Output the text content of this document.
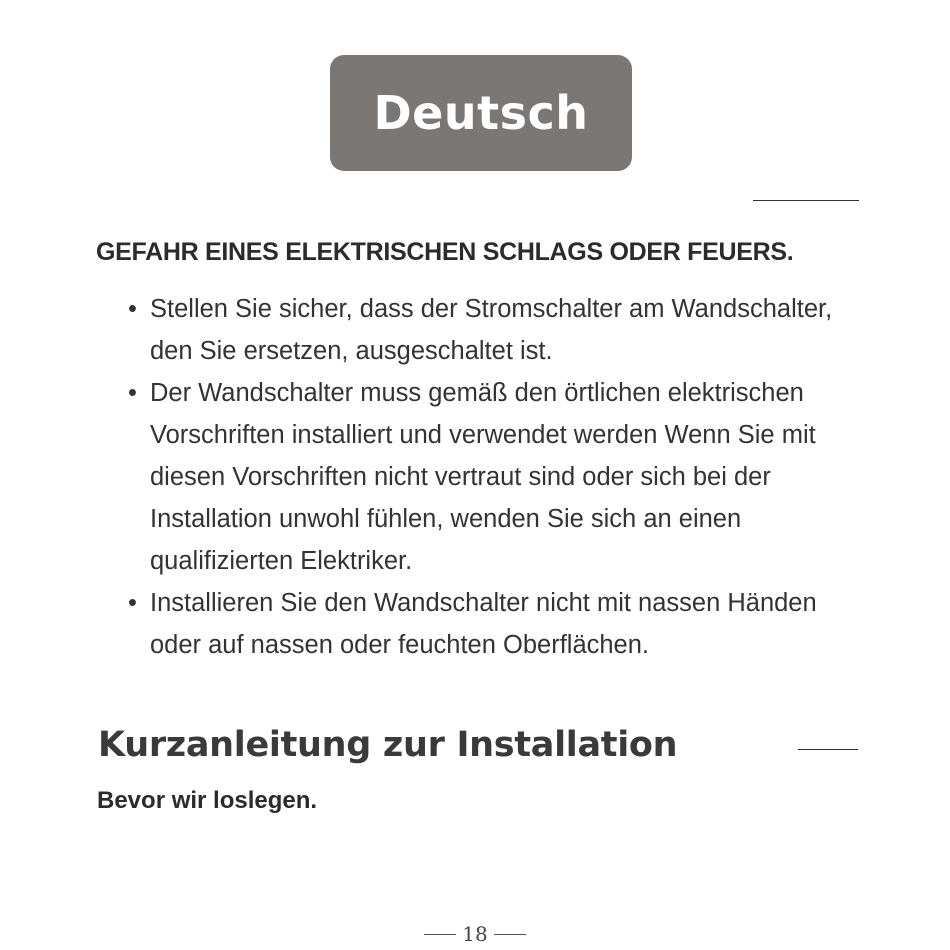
Deutsch
GEFAHR EINES ELEKTRISCHEN SCHLAGS ODER FEUERS.
• Stellen Sie sicher, dass der Stromschalter am Wandschalter, den Sie ersetzen, ausgeschaltet ist.
• Der Wandschalter muss gemäß den örtlichen elektrischen Vorschriften installiert und verwendet werden Wenn Sie mit diesen Vorschriften nicht vertraut sind oder sich bei der Installation unwohl fühlen, wenden Sie sich an einen qualifizierten Elektriker.
• Installieren Sie den Wandschalter nicht mit nassen Händen oder auf nassen oder feuchten Oberflächen.
Kurzanleitung zur Installation
Bevor wir loslegen.
18
